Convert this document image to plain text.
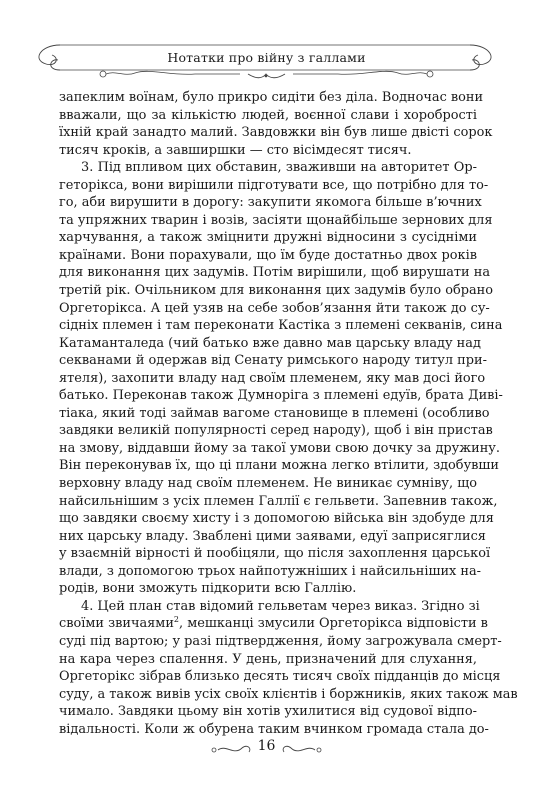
Нотатки про війну з галлами
запеклим воїнам, було прикро сидіти без діла. Водночас вони
вважали, що за кількістю людей, воєнної слави і хоробрості
їхній край занадто малий. Завдовжки він був лише двісті сорок
тисяч кроків, а завширшки — сто вісімдесят тисяч.
3. Під впливом цих обставин, зваживши на авторитет Ор-
геторікса, вони вирішили підготувати все, що потрібно для то-
го, аби вирушити в дорогу: закупити якомога більше в’ючних
та упряжних тварин і возів, засіяти щонайбільше зернових для
харчування, а також зміцнити дружні відносини з сусідніми
країнами. Вони порахували, що їм буде достатньо двох років
для виконання цих задумів. Потім вирішили, щоб вирушати на
третій рік. Очільником для виконання цих задумів було обрано
Оргеторікса. А цей узяв на себе зобов’язання йти також до су-
сідніх племен і там переконати Кастіка з племені секванів, сина
Катаманталеда (чий батько вже давно мав царську владу над
секванами й одержав від Сенату римського народу титул при-
ятеля), захопити владу над своїм племенем, яку мав досі його
батько. Переконав також Думноріга з племені едуїв, брата Диві-
тіака, який тоді займав вагоме становище в племені (особливо
завдяки великій популярності серед народу), щоб і він пристав
на змову, віддавши йому за такої умови свою дочку за дружину.
Він переконував їх, що ці плани можна легко втілити, здобувши
верховну владу над своїм племенем. Не виникає сумніву, що
найсильнішим з усіх племен Галлії є гельвети. Запевнив також,
що завдяки своєму хисту і з допомогою війська він здобуде для
них царську владу. Зваблені цими заявами, едуї заприсяглися
у взаємній вірності й пообіцяли, що після захоплення царської
влади, з допомогою трьох найпотужніших і найсильніших на-
родів, вони зможуть підкорити всю Галлію.
4. Цей план став відомий гельветам через виказ. Згідно зі
своїми звичаями$^2$, мешканці змусили Оргеторікса відповісти в
суді під вартою; у разі підтвердження, йому загрожувала смерт-
на кара через спалення. У день, призначений для слухання,
Оргеторікс зібрав близько десять тисяч своїх підданців до місця
суду, а також вивів усіх своїх клієнтів і боржників, яких також мав
чимало. Завдяки цьому він хотів ухилитися від судової відпо-
відальності. Коли ж обурена таким вчинком громада стала до-
16
